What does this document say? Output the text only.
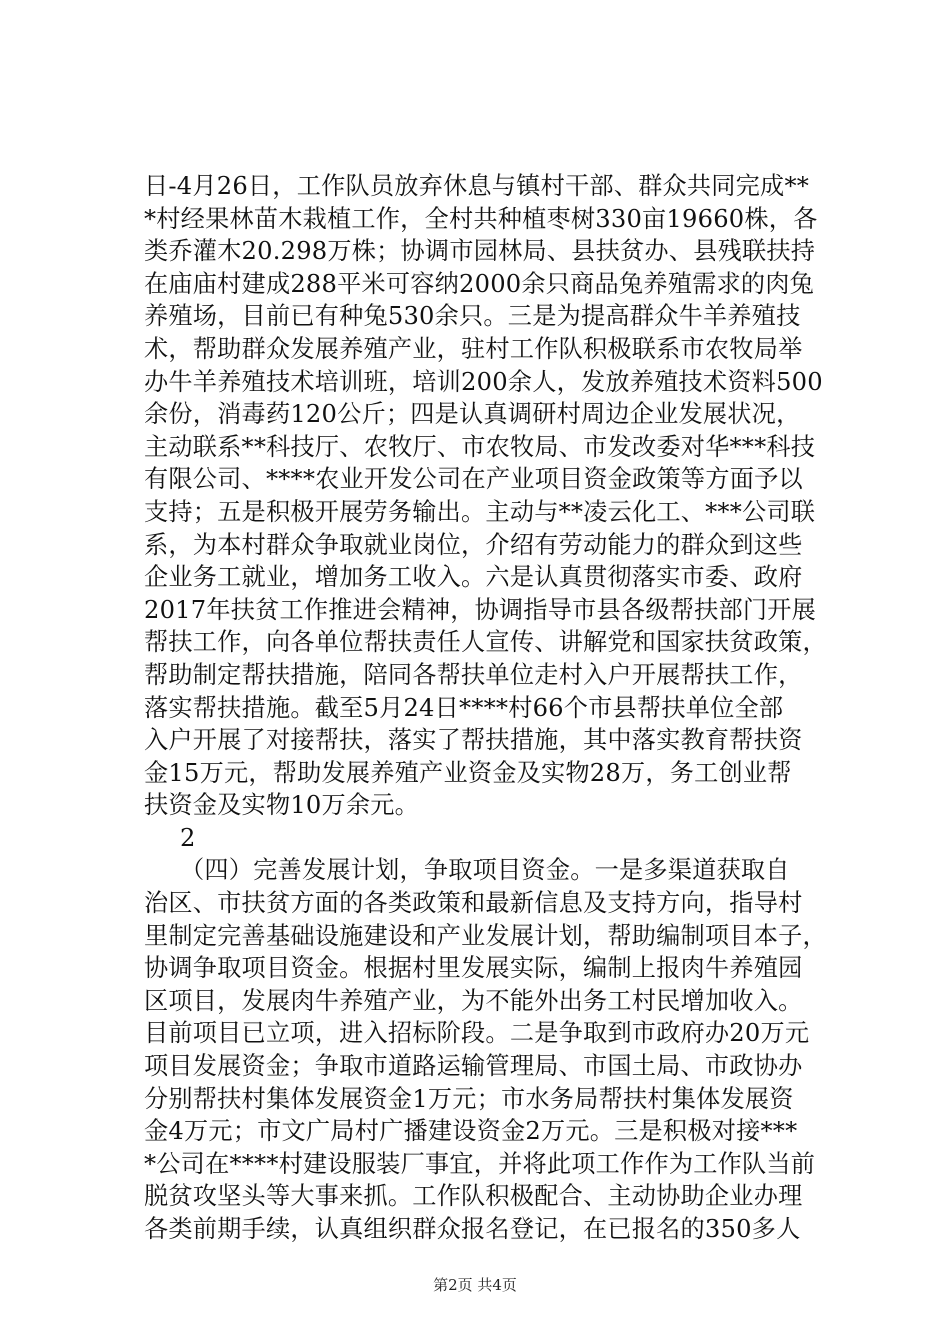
日-4月26日，工作队员放弃休息与镇村干部、群众共同完成**
*村经果林苗木栽植工作，全村共种植枣树330亩19660株，各
类乔灌木20.298万株；协调市园林局、县扶贫办、县残联扶持
在庙庙村建成288平米可容纳2000余只商品兔养殖需求的肉兔
养殖场，目前已有种兔530余只。三是为提高群众牛羊养殖技
术，帮助群众发展养殖产业，驻村工作队积极联系市农牧局举
办牛羊养殖技术培训班，培训200余人，发放养殖技术资料500
余份，消毒药120公斤；四是认真调研村周边企业发展状况，
主动联系**科技厅、农牧厅、市农牧局、市发改委对华***科技
有限公司、****农业开发公司在产业项目资金政策等方面予以
支持；五是积极开展劳务输出。主动与**凌云化工、***公司联
系，为本村群众争取就业岗位，介绍有劳动能力的群众到这些
企业务工就业，增加务工收入。六是认真贯彻落实市委、政府
2017年扶贫工作推进会精神，协调指导市县各级帮扶部门开展
帮扶工作，向各单位帮扶责任人宣传、讲解党和国家扶贫政策，
帮助制定帮扶措施，陪同各帮扶单位走村入户开展帮扶工作，
落实帮扶措施。截至5月24日****村66个市县帮扶单位全部
入户开展了对接帮扶，落实了帮扶措施，其中落实教育帮扶资
金15万元，帮助发展养殖产业资金及实物28万，务工创业帮
扶资金及实物10万余元。
2
（四）完善发展计划，争取项目资金。一是多渠道获取自
治区、市扶贫方面的各类政策和最新信息及支持方向，指导村
里制定完善基础设施建设和产业发展计划，帮助编制项目本子，
协调争取项目资金。根据村里发展实际，编制上报肉牛养殖园
区项目，发展肉牛养殖产业，为不能外出务工村民增加收入。
目前项目已立项，进入招标阶段。二是争取到市政府办20万元
项目发展资金；争取市道路运输管理局、市国土局、市政协办
分别帮扶村集体发展资金1万元；市水务局帮扶村集体发展资
金4万元；市文广局村广播建设资金2万元。三是积极对接***
*公司在****村建设服装厂事宜，并将此项工作作为工作队当前
脱贫攻坚头等大事来抓。工作队积极配合、主动协助企业办理
各类前期手续，认真组织群众报名登记，在已报名的350多人
第2页 共4页
